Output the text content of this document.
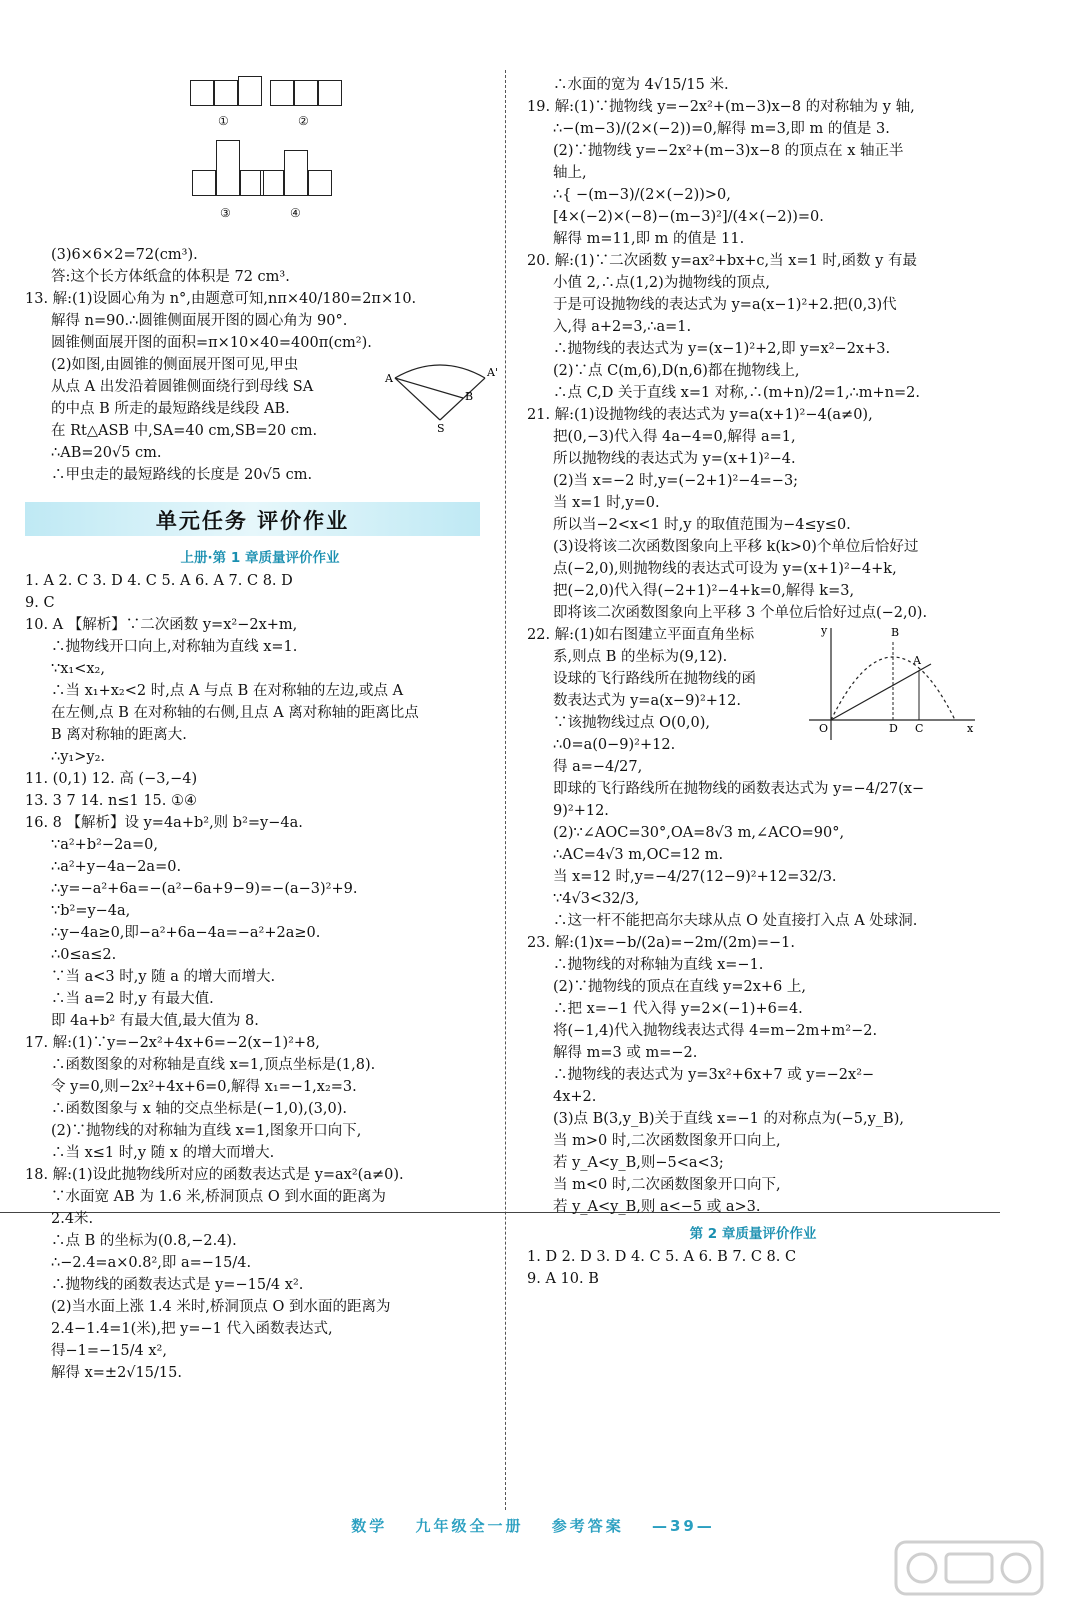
①	②
③	④
(3)6×6×2=72(cm³).
答:这个长方体纸盒的体积是 72 cm³.
13. 解:(1)设圆心角为 n°,由题意可知,nπ×40/180=2π×10.
解得 n=90.∴圆锥侧面展开图的圆心角为 90°.
圆锥侧面展开图的面积=π×10×40=400π(cm²).
A	A'
B
S
(2)如图,由圆锥的侧面展开图可见,甲虫
从点 A 出发沿着圆锥侧面绕行到母线 SA
的中点 B 所走的最短路线是线段 AB.
在 Rt△ASB 中,SA=40 cm,SB=20 cm.
∴AB=20√5 cm.
∴甲虫走的最短路线的长度是 20√5 cm.
单元任务 评价作业
上册·第 1 章质量评价作业
1. A 2. C 3. D 4. C 5. A 6. A 7. C 8. D
9. C
10. A 【解析】∵二次函数 y=x²−2x+m,
∴抛物线开口向上,对称轴为直线 x=1.
∵x₁<x₂,
∴当 x₁+x₂<2 时,点 A 与点 B 在对称轴的左边,或点 A
在左侧,点 B 在对称轴的右侧,且点 A 离对称轴的距离比点
B 离对称轴的距离大.
∴y₁>y₂.
11. (0,1) 12. 高 (−3,−4)
13. 3 7 14. n≤1 15. ①④
16. 8 【解析】设 y=4a+b²,则 b²=y−4a.
∵a²+b²−2a=0,
∴a²+y−4a−2a=0.
∴y=−a²+6a=−(a²−6a+9−9)=−(a−3)²+9.
∵b²=y−4a,
∴y−4a≥0,即−a²+6a−4a=−a²+2a≥0.
∴0≤a≤2.
∵当 a<3 时,y 随 a 的增大而增大.
∴当 a=2 时,y 有最大值.
即 4a+b² 有最大值,最大值为 8.
17. 解:(1)∵y=−2x²+4x+6=−2(x−1)²+8,
∴函数图象的对称轴是直线 x=1,顶点坐标是(1,8).
令 y=0,则−2x²+4x+6=0,解得 x₁=−1,x₂=3.
∴函数图象与 x 轴的交点坐标是(−1,0),(3,0).
(2)∵抛物线的对称轴为直线 x=1,图象开口向下,
∴当 x≤1 时,y 随 x 的增大而增大.
18. 解:(1)设此抛物线所对应的函数表达式是 y=ax²(a≠0).
∵水面宽 AB 为 1.6 米,桥洞顶点 O 到水面的距离为
2.4米.
∴点 B 的坐标为(0.8,−2.4).
∴−2.4=a×0.8²,即 a=−15/4.
∴抛物线的函数表达式是 y=−15/4 x².
(2)当水面上涨 1.4 米时,桥洞顶点 O 到水面的距离为
2.4−1.4=1(米),把 y=−1 代入函数表达式,
得−1=−15/4 x²,
解得 x=±2√15/15.
∴水面的宽为 4√15/15 米.
19. 解:(1)∵抛物线 y=−2x²+(m−3)x−8 的对称轴为 y 轴,
∴−(m−3)/(2×(−2))=0,解得 m=3,即 m 的值是 3.
(2)∵抛物线 y=−2x²+(m−3)x−8 的顶点在 x 轴正半
轴上,
∴{ −(m−3)/(2×(−2))>0,
[4×(−2)×(−8)−(m−3)²]/(4×(−2))=0.
解得 m=11,即 m 的值是 11.
20. 解:(1)∵二次函数 y=ax²+bx+c,当 x=1 时,函数 y 有最
小值 2,∴点(1,2)为抛物线的顶点,
于是可设抛物线的表达式为 y=a(x−1)²+2.把(0,3)代
入,得 a+2=3,∴a=1.
∴抛物线的表达式为 y=(x−1)²+2,即 y=x²−2x+3.
(2)∵点 C(m,6),D(n,6)都在抛物线上,
∴点 C,D 关于直线 x=1 对称,∴(m+n)/2=1,∴m+n=2.
21. 解:(1)设抛物线的表达式为 y=a(x+1)²−4(a≠0),
把(0,−3)代入得 4a−4=0,解得 a=1,
所以抛物线的表达式为 y=(x+1)²−4.
(2)当 x=−2 时,y=(−2+1)²−4=−3;
当 x=1 时,y=0.
所以当−2<x<1 时,y 的取值范围为−4≤y≤0.
(3)设将该二次函数图象向上平移 k(k>0)个单位后恰好过
点(−2,0),则抛物线的表达式可设为 y=(x+1)²−4+k,
把(−2,0)代入得(−2+1)²−4+k=0,解得 k=3,
即将该二次函数图象向上平移 3 个单位后恰好过点(−2,0).
y	B
A
O	D C	x
22. 解:(1)如右图建立平面直角坐标
系,则点 B 的坐标为(9,12).
设球的飞行路线所在抛物线的函
数表达式为 y=a(x−9)²+12.
∵该抛物线过点 O(0,0),
∴0=a(0−9)²+12.
得 a=−4/27,
即球的飞行路线所在抛物线的函数表达式为 y=−4/27(x−
9)²+12.
(2)∵∠AOC=30°,OA=8√3 m,∠ACO=90°,
∴AC=4√3 m,OC=12 m.
当 x=12 时,y=−4/27(12−9)²+12=32/3.
∵4√3<32/3,
∴这一杆不能把高尔夫球从点 O 处直接打入点 A 处球洞.
23. 解:(1)x=−b/(2a)=−2m/(2m)=−1.
∴抛物线的对称轴为直线 x=−1.
(2)∵抛物线的顶点在直线 y=2x+6 上,
∴把 x=−1 代入得 y=2×(−1)+6=4.
将(−1,4)代入抛物线表达式得 4=m−2m+m²−2.
解得 m=3 或 m=−2.
∴抛物线的表达式为 y=3x²+6x+7 或 y=−2x²−
4x+2.
(3)点 B(3,y_B)关于直线 x=−1 的对称点为(−5,y_B),
当 m>0 时,二次函数图象开口向上,
若 y_A<y_B,则−5<a<3;
当 m<0 时,二次函数图象开口向下,
若 y_A<y_B,则 a<−5 或 a>3.
第 2 章质量评价作业
1. D 2. D 3. D 4. C 5. A 6. B 7. C 8. C
9. A 10. B
数学 九年级全一册 参考答案 —39—
